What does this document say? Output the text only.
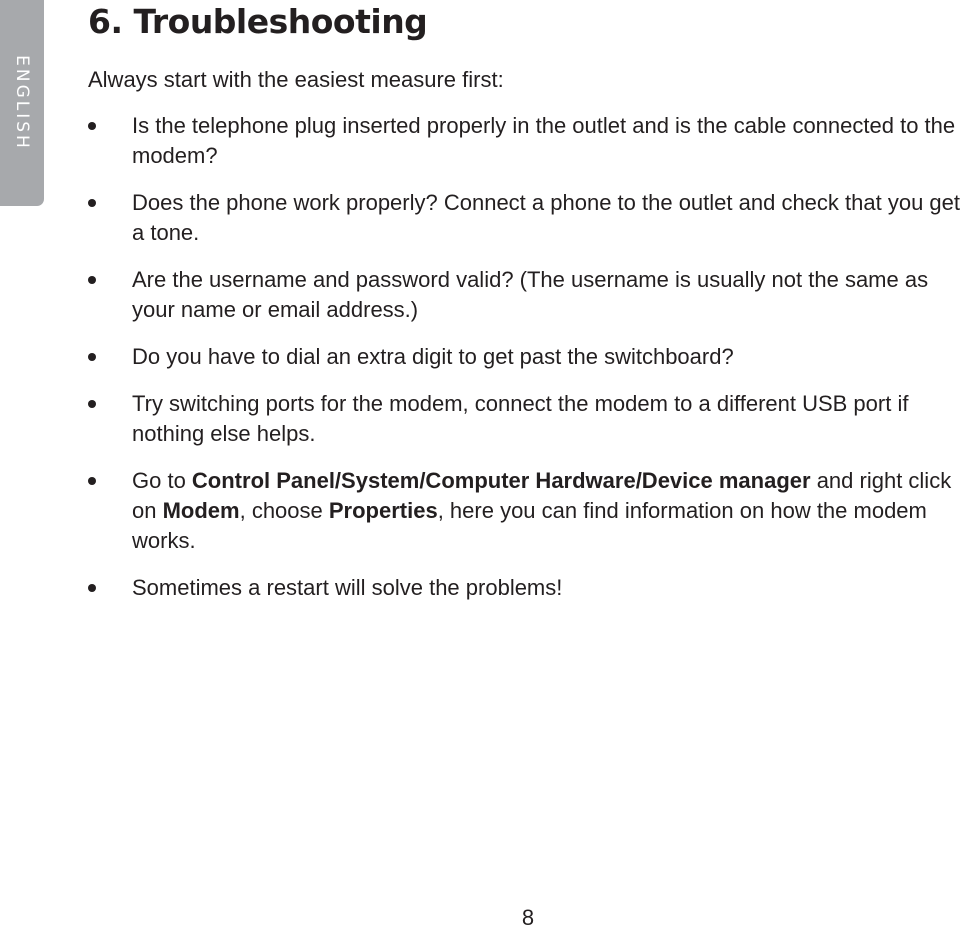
ENGLISH
6. Troubleshooting

Always start with the easiest measure first:

Is the telephone plug inserted properly in the outlet and is the cable connected to the modem?
Does the phone work properly? Connect a phone to the outlet and check that you get a tone.
Are the username and password valid? (The username is usually not the same as your name or email address.)
Do you have to dial an extra digit to get past the switchboard?
Try switching ports for the modem, connect the modem to a different USB port if nothing else helps.
Go to Control Panel/System/Computer Hardware/Device manager and right click on Modem, choose Properties, here you can find information on how the modem works.
Sometimes a restart will solve the problems!
8
